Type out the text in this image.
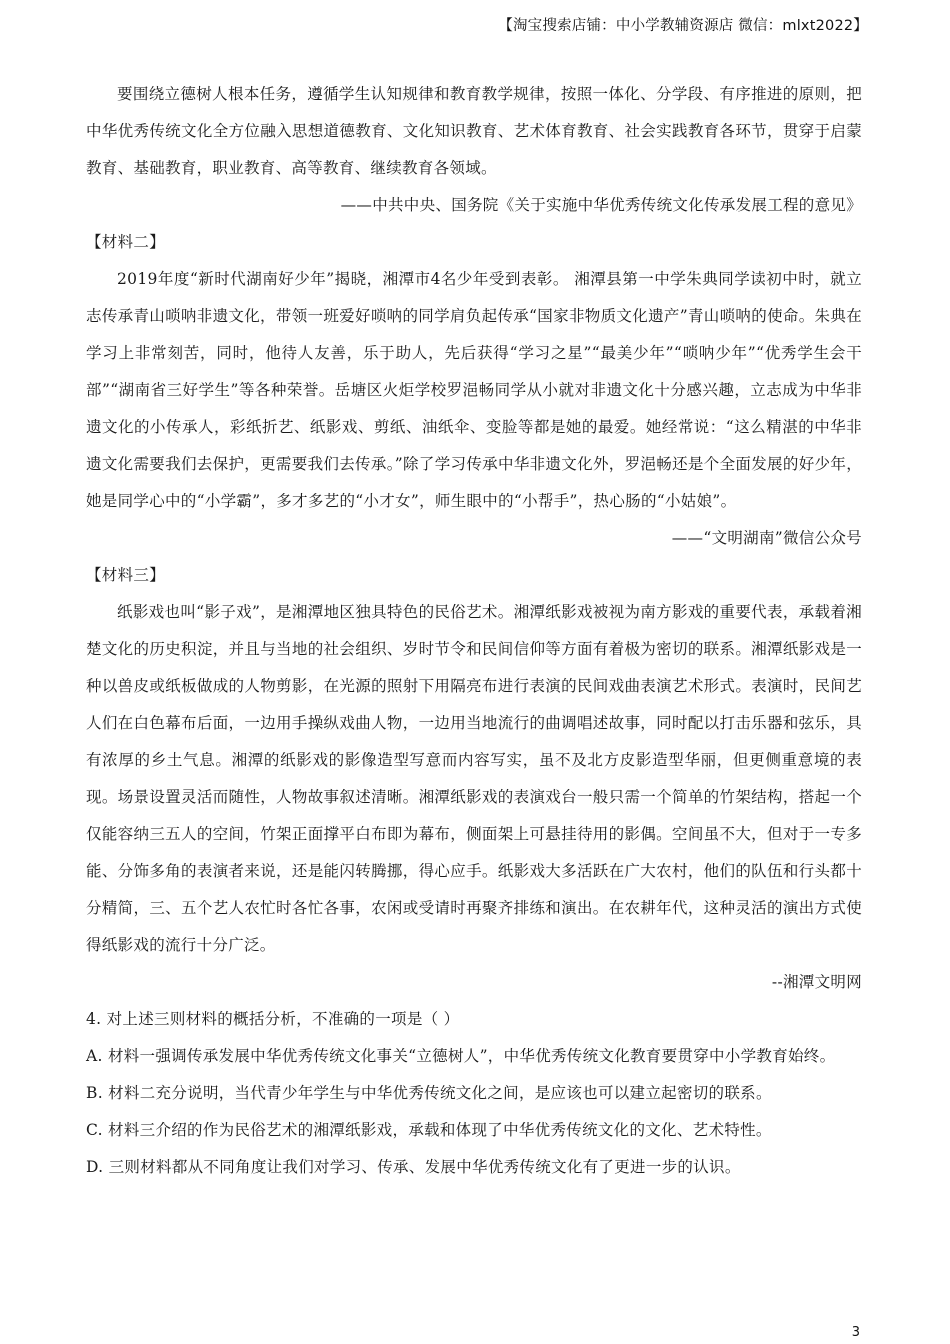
【淘宝搜索店铺：中小学教辅资源店 微信：mlxt2022】

要围绕立德树人根本任务，遵循学生认知规律和教育教学规律，按照一体化、分学段、有序推进的原则，把中华优秀传统文化全方位融入思想道德教育、文化知识教育、艺术体育教育、社会实践教育各环节，贯穿于启蒙教育、基础教育，职业教育、高等教育、继续教育各领域。

——中共中央、国务院《关于实施中华优秀传统文化传承发展工程的意见》

【材料二】

2019年度“新时代湖南好少年”揭晓，湘潭市4名少年受到表彰。 湘潭县第一中学朱典同学读初中时，就立志传承青山唢呐非遗文化，带领一班爱好唢呐的同学肩负起传承“国家非物质文化遗产”青山唢呐的使命。朱典在学习上非常刻苦，同时，他待人友善，乐于助人，先后获得“学习之星”“最美少年”“唢呐少年”“优秀学生会干部”“湖南省三好学生”等各种荣誉。岳塘区火炬学校罗浥畅同学从小就对非遗文化十分感兴趣，立志成为中华非遗文化的小传承人，彩纸折艺、纸影戏、剪纸、油纸伞、变脸等都是她的最爱。她经常说：“这么精湛的中华非遗文化需要我们去保护，更需要我们去传承。”除了学习传承中华非遗文化外，罗浥畅还是个全面发展的好少年，她是同学心中的“小学霸”，多才多艺的“小才女”，师生眼中的“小帮手”，热心肠的“小姑娘”。

——“文明湖南”微信公众号

【材料三】

纸影戏也叫“影子戏”，是湘潭地区独具特色的民俗艺术。湘潭纸影戏被视为南方影戏的重要代表，承载着湘楚文化的历史积淀，并且与当地的社会组织、岁时节令和民间信仰等方面有着极为密切的联系。湘潭纸影戏是一种以兽皮或纸板做成的人物剪影，在光源的照射下用隔亮布进行表演的民间戏曲表演艺术形式。表演时，民间艺人们在白色幕布后面，一边用手操纵戏曲人物，一边用当地流行的曲调唱述故事，同时配以打击乐器和弦乐，具有浓厚的乡土气息。湘潭的纸影戏的影像造型写意而内容写实，虽不及北方皮影造型华丽，但更侧重意境的表现。场景设置灵活而随性，人物故事叙述清晰。湘潭纸影戏的表演戏台一般只需一个简单的竹架结构，搭起一个仅能容纳三五人的空间，竹架正面撑平白布即为幕布，侧面架上可悬挂待用的影偶。空间虽不大，但对于一专多能、分饰多角的表演者来说，还是能闪转腾挪，得心应手。纸影戏大多活跃在广大农村，他们的队伍和行头都十分精简，三、五个艺人农忙时各忙各事，农闲或受请时再聚齐排练和演出。在农耕年代，这种灵活的演出方式使得纸影戏的流行十分广泛。

--湘潭文明网

4. 对上述三则材料的概括分析，不准确的一项是（ ）

A. 材料一强调传承发展中华优秀传统文化事关“立德树人”，中华优秀传统文化教育要贯穿中小学教育始终。

B. 材料二充分说明，当代青少年学生与中华优秀传统文化之间，是应该也可以建立起密切的联系。

C. 材料三介绍的作为民俗艺术的湘潭纸影戏，承载和体现了中华优秀传统文化的文化、艺术特性。

D. 三则材料都从不同角度让我们对学习、传承、发展中华优秀传统文化有了更进一步的认识。

3
